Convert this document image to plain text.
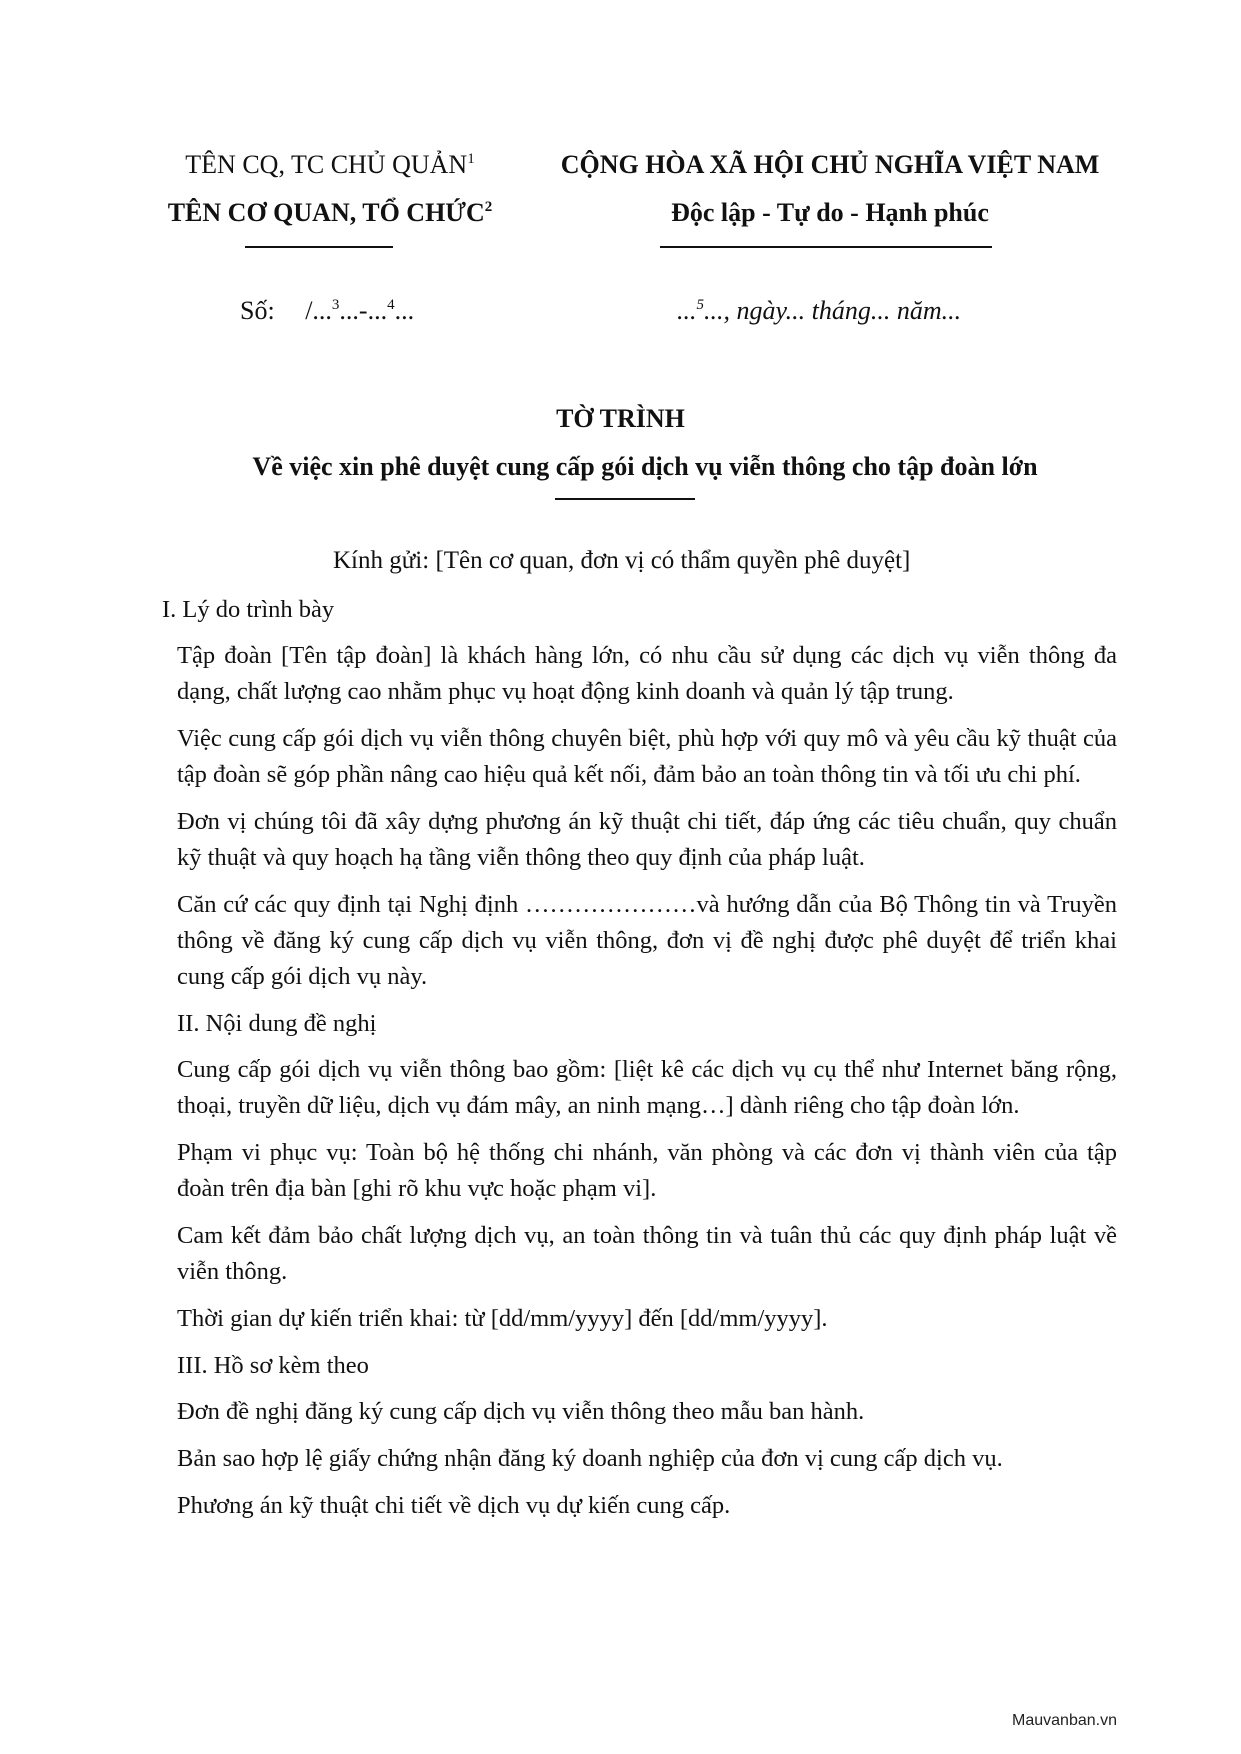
TÊN CQ, TC CHỦ QUẢN$^1$
TÊN CƠ QUAN, TỔ CHỨC$^2$
CỘNG HÒA XÃ HỘI CHỦ NGHĨA VIỆT NAM
Độc lập - Tự do - Hạnh phúc
Số: /...$^3$...-...$^4$...	...$^5$..., ngày... tháng... năm...
TỜ TRÌNH
Về việc xin phê duyệt cung cấp gói dịch vụ viễn thông cho tập đoàn lớn
Kính gửi: [Tên cơ quan, đơn vị có thẩm quyền phê duyệt]

I. Lý do trình bày

Tập đoàn [Tên tập đoàn] là khách hàng lớn, có nhu cầu sử dụng các dịch vụ viễn thông đa dạng, chất lượng cao nhằm phục vụ hoạt động kinh doanh và quản lý tập trung.

Việc cung cấp gói dịch vụ viễn thông chuyên biệt, phù hợp với quy mô và yêu cầu kỹ thuật của tập đoàn sẽ góp phần nâng cao hiệu quả kết nối, đảm bảo an toàn thông tin và tối ưu chi phí.

Đơn vị chúng tôi đã xây dựng phương án kỹ thuật chi tiết, đáp ứng các tiêu chuẩn, quy chuẩn kỹ thuật và quy hoạch hạ tầng viễn thông theo quy định của pháp luật.

Căn cứ các quy định tại Nghị định …………………và hướng dẫn của Bộ Thông tin và Truyền thông về đăng ký cung cấp dịch vụ viễn thông, đơn vị đề nghị được phê duyệt để triển khai cung cấp gói dịch vụ này.

II. Nội dung đề nghị

Cung cấp gói dịch vụ viễn thông bao gồm: [liệt kê các dịch vụ cụ thể như Internet băng rộng, thoại, truyền dữ liệu, dịch vụ đám mây, an ninh mạng…] dành riêng cho tập đoàn lớn.

Phạm vi phục vụ: Toàn bộ hệ thống chi nhánh, văn phòng và các đơn vị thành viên của tập đoàn trên địa bàn [ghi rõ khu vực hoặc phạm vi].

Cam kết đảm bảo chất lượng dịch vụ, an toàn thông tin và tuân thủ các quy định pháp luật về viễn thông.

Thời gian dự kiến triển khai: từ [dd/mm/yyyy] đến [dd/mm/yyyy].

III. Hồ sơ kèm theo

Đơn đề nghị đăng ký cung cấp dịch vụ viễn thông theo mẫu ban hành.

Bản sao hợp lệ giấy chứng nhận đăng ký doanh nghiệp của đơn vị cung cấp dịch vụ.

Phương án kỹ thuật chi tiết về dịch vụ dự kiến cung cấp.

Mauvanban.vn
